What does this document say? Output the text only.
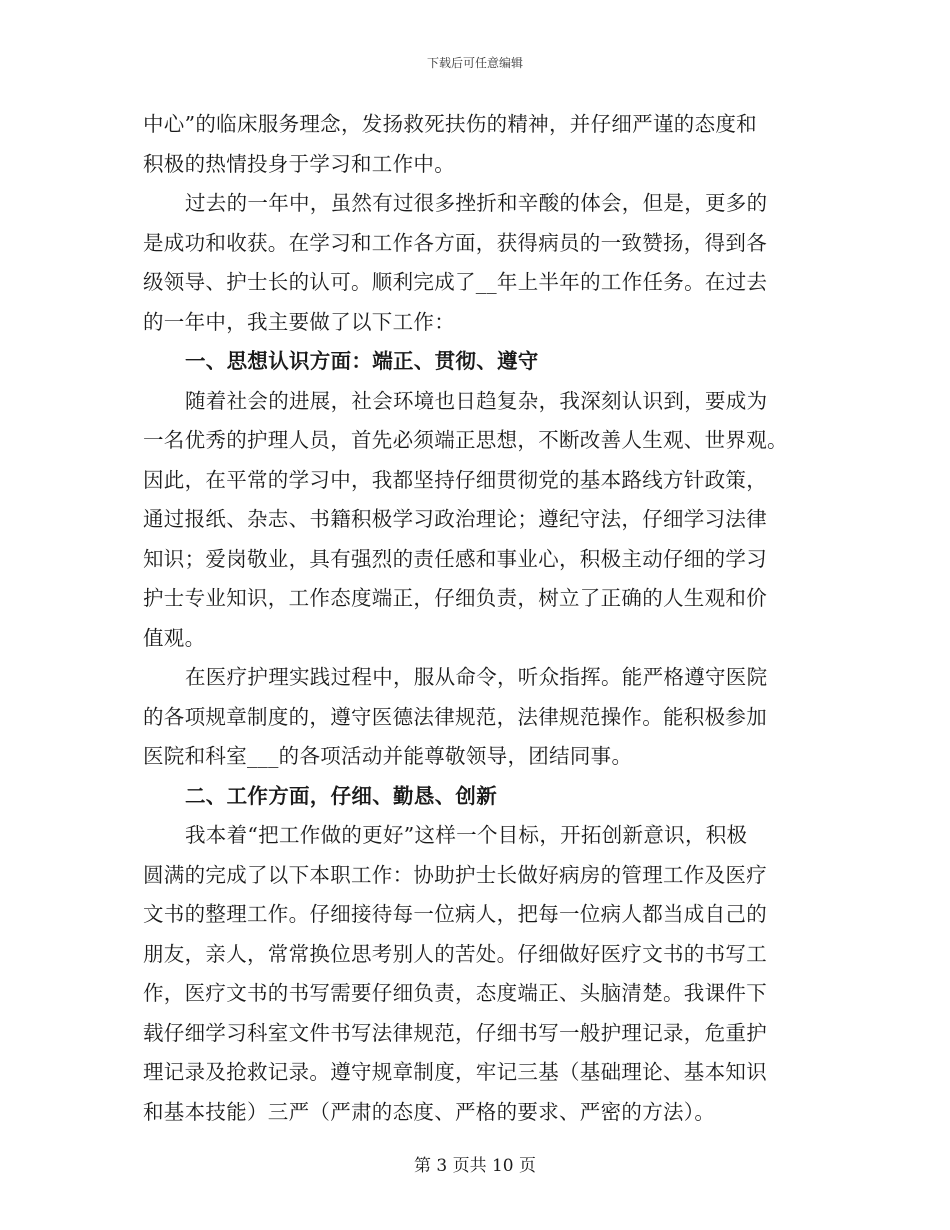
下载后可任意编辑
中心”的临床服务理念，发扬救死扶伤的精神，并仔细严谨的态度和
积极的热情投身于学习和工作中。
过去的一年中，虽然有过很多挫折和辛酸的体会，但是，更多的
是成功和收获。在学习和工作各方面，获得病员的一致赞扬，得到各
级领导、护士长的认可。顺利完成了__年上半年的工作任务。在过去
的一年中，我主要做了以下工作：
一、思想认识方面：端正、贯彻、遵守
随着社会的进展，社会环境也日趋复杂，我深刻认识到，要成为
一名优秀的护理人员，首先必须端正思想，不断改善人生观、世界观。
因此，在平常的学习中，我都坚持仔细贯彻党的基本路线方针政策，
通过报纸、杂志、书籍积极学习政治理论；遵纪守法，仔细学习法律
知识；爱岗敬业，具有强烈的责任感和事业心，积极主动仔细的学习
护士专业知识，工作态度端正，仔细负责，树立了正确的人生观和价
值观。
在医疗护理实践过程中，服从命令，听众指挥。能严格遵守医院
的各项规章制度的，遵守医德法律规范，法律规范操作。能积极参加
医院和科室___的各项活动并能尊敬领导，团结同事。
二、工作方面，仔细、勤恳、创新
我本着“把工作做的更好”这样一个目标，开拓创新意识，积极
圆满的完成了以下本职工作：协助护士长做好病房的管理工作及医疗
文书的整理工作。仔细接待每一位病人，把每一位病人都当成自己的
朋友，亲人，常常换位思考别人的苦处。仔细做好医疗文书的书写工
作，医疗文书的书写需要仔细负责，态度端正、头脑清楚。我课件下
载仔细学习科室文件书写法律规范，仔细书写一般护理记录，危重护
理记录及抢救记录。遵守规章制度，牢记三基（基础理论、基本知识
和基本技能）三严（严肃的态度、严格的要求、严密的方法）。
第 3 页共 10 页
